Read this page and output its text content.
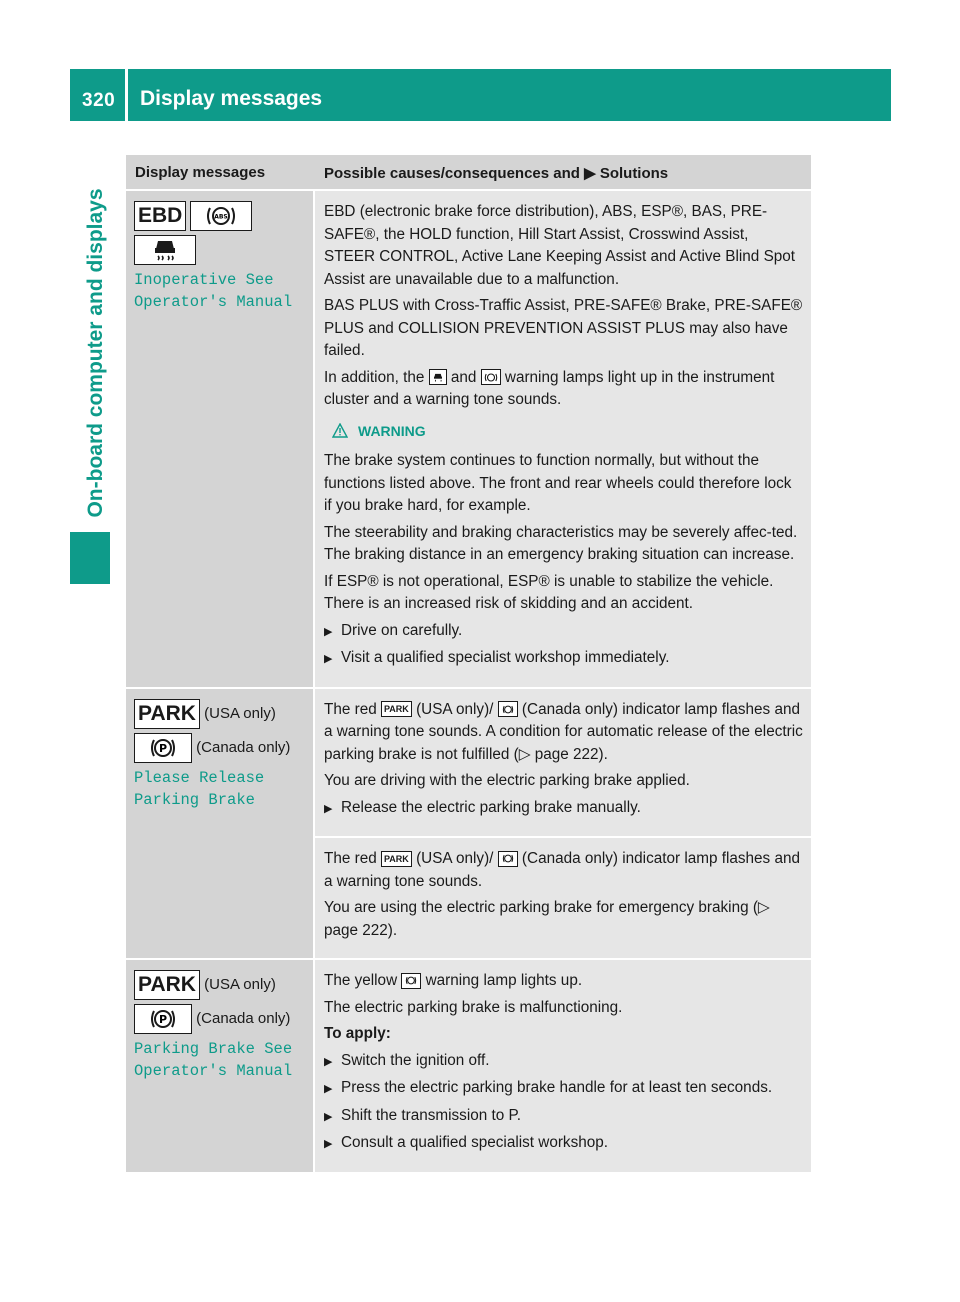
320 Display messages
On-board computer and displays
Display messages	Possible causes/consequences and ▶ Solutions
EBD	ABS
Inoperative See
Operator's Manual

EBD (electronic brake force distribution), ABS, ESP®, BAS, PRE-SAFE®, the HOLD function, Hill Start Assist, Crosswind Assist, STEER CONTROL, Active Lane Keeping Assist and Active Blind Spot Assist are unavailable due to a malfunction.

BAS PLUS with Cross-Traffic Assist, PRE-SAFE® Brake, PRE-SAFE® PLUS and COLLISION PREVENTION ASSIST PLUS may also have failed.

In addition, the and warning lamps light up in the instrument cluster and a warning tone sounds.

WARNING

The brake system continues to function normally, but without the functions listed above. The front and rear wheels could therefore lock if you brake hard, for example.

The steerability and braking characteristics may be severely affec-ted. The braking distance in an emergency braking situation can increase.

If ESP® is not operational, ESP® is unable to stabilize the vehicle. There is an increased risk of skidding and an accident.

▶ Drive on carefully.
▶ Visit a qualified specialist workshop immediately.
PARK (USA only)
P (Canada only)
Please Release
Parking Brake

The red PARK (USA only)/ (Canada only) indicator lamp flashes and a warning tone sounds. A condition for automatic release of the electric parking brake is not fulfilled (▷ page 222).

You are driving with the electric parking brake applied.

▶ Release the electric parking brake manually.

The red PARK (USA only)/ (Canada only) indicator lamp flashes and a warning tone sounds.

You are using the electric parking brake for emergency braking (▷ page 222).

PARK (USA only)
P (Canada only)
Parking Brake See
Operator's Manual

The yellow warning lamp lights up.

The electric parking brake is malfunctioning.

To apply:

▶ Switch the ignition off.
▶ Press the electric parking brake handle for at least ten seconds.
▶ Shift the transmission to P.
▶ Consult a qualified specialist workshop.
